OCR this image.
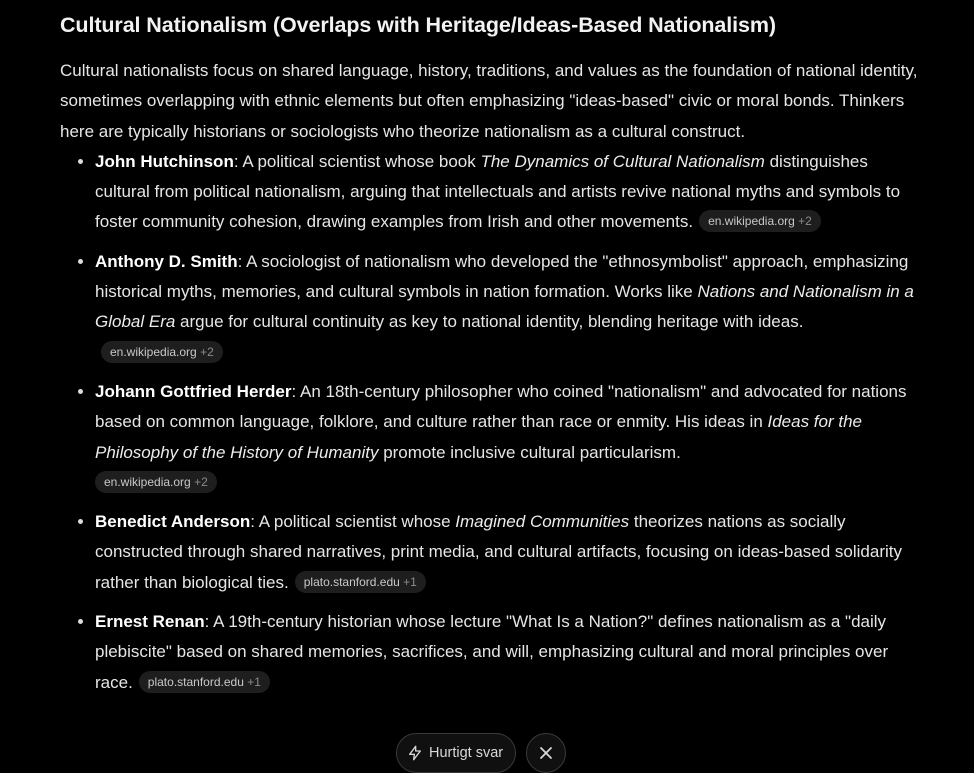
Cultural Nationalism (Overlaps with Heritage/Ideas-Based Nationalism)

Cultural nationalists focus on shared language, history, traditions, and values as the foundation of national identity, sometimes overlapping with ethnic elements but often emphasizing "ideas-based" civic or moral bonds. Thinkers here are typically historians or sociologists who theorize nationalism as a cultural construct.

• John Hutchinson: A political scientist whose book The Dynamics of Cultural Nationalism distinguishes cultural from political nationalism, arguing that intellectuals and artists revive national myths and symbols to foster community cohesion, drawing examples from Irish and other movements. en.wikipedia.org +2
• Anthony D. Smith: A sociologist of nationalism who developed the "ethnosymbolist" approach, emphasizing historical myths, memories, and cultural symbols in nation formation. Works like Nations and Nationalism in a Global Era argue for cultural continuity as key to national identity, blending heritage with ideas.en.wikipedia.org +2
• Johann Gottfried Herder: An 18th-century philosopher who coined "nationalism" and advocated for nations based on common language, folklore, and culture rather than race or enmity. His ideas in Ideas for the Philosophy of the History of Humanity promote inclusive cultural particularism.
en.wikipedia.org +2
• Benedict Anderson: A political scientist whose Imagined Communities theorizes nations as socially constructed through shared narratives, print media, and cultural artifacts, focusing on ideas-based solidarity rather than biological ties. plato.stanford.edu +1
• Ernest Renan: A 19th-century historian whose lecture "What Is a Nation?" defines nationalism as a "daily plebiscite" based on shared memories, sacrifices, and will, emphasizing cultural and moral principles over race. plato.stanford.edu +1
Hurtigt svar
